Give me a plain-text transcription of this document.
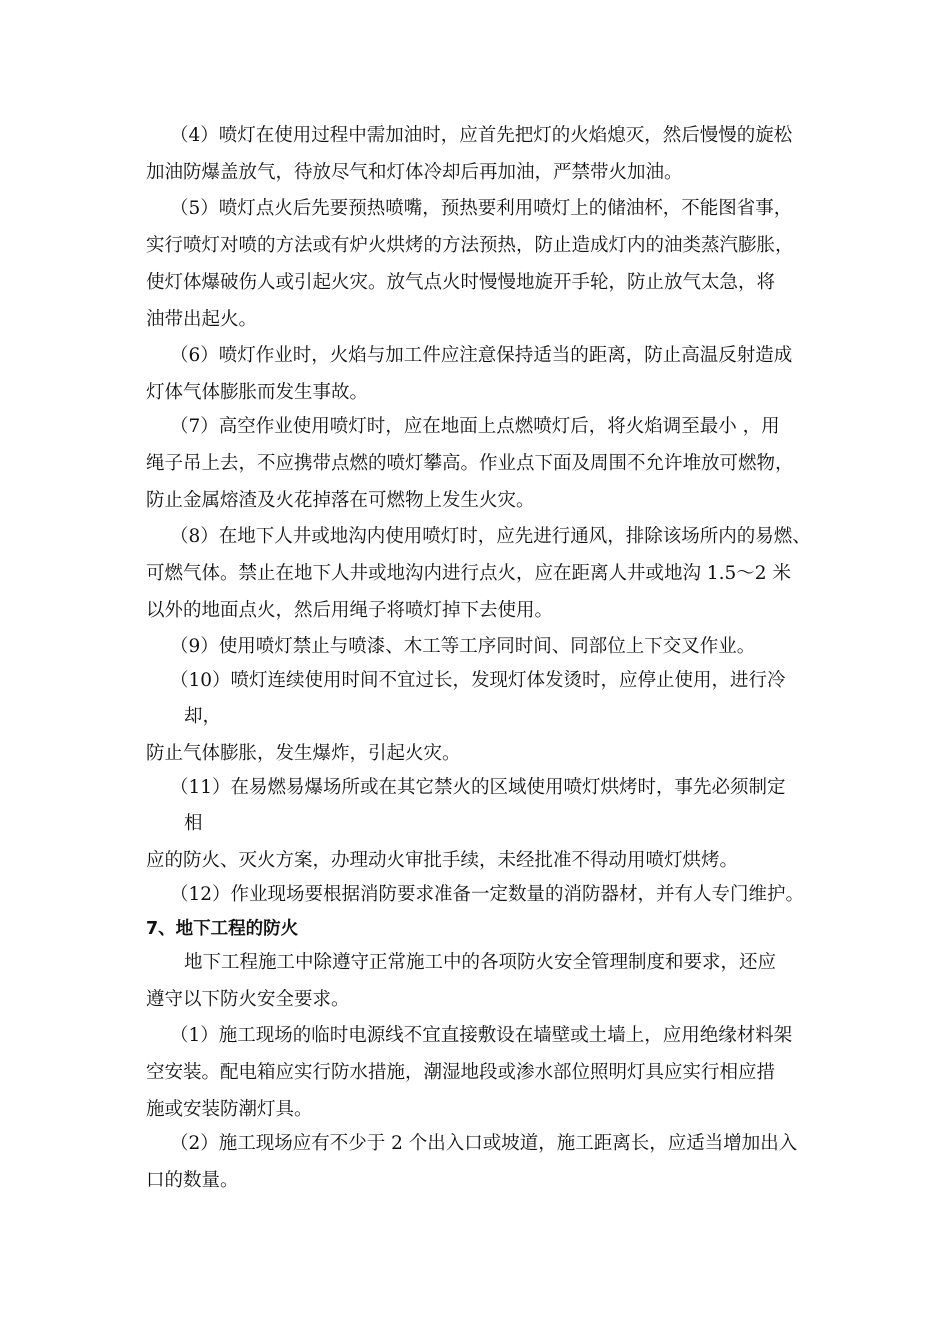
（4）喷灯在使用过程中需加油时，应首先把灯的火焰熄灭，然后慢慢的旋松
加油防爆盖放气，待放尽气和灯体冷却后再加油，严禁带火加油。
（5）喷灯点火后先要预热喷嘴，预热要利用喷灯上的储油杯，不能图省事，
实行喷灯对喷的方法或有炉火烘烤的方法预热，防止造成灯内的油类蒸汽膨胀，
使灯体爆破伤人或引起火灾。放气点火时慢慢地旋开手轮，防止放气太急，将
油带出起火。
（6）喷灯作业时，火焰与加工件应注意保持适当的距离，防止高温反射造成
灯体气体膨胀而发生事故。
（7）高空作业使用喷灯时，应在地面上点燃喷灯后，将火焰调至最小 ，用
绳子吊上去，不应携带点燃的喷灯攀高。作业点下面及周围不允许堆放可燃物，
防止金属熔渣及火花掉落在可燃物上发生火灾。
（8）在地下人井或地沟内使用喷灯时，应先进行通风，排除该场所内的易燃、
可燃气体。禁止在地下人井或地沟内进行点火，应在距离人井或地沟 1.5～2 米
以外的地面点火，然后用绳子将喷灯掉下去使用。
（9）使用喷灯禁止与喷漆、木工等工序同时间、同部位上下交叉作业。
（10）喷灯连续使用时间不宜过长，发现灯体发烫时，应停止使用，进行冷
却，
防止气体膨胀，发生爆炸，引起火灾。
（11）在易燃易爆场所或在其它禁火的区域使用喷灯烘烤时，事先必须制定
相
应的防火、灭火方案，办理动火审批手续，未经批准不得动用喷灯烘烤。
（12）作业现场要根据消防要求准备一定数量的消防器材，并有人专门维护。
7、地下工程的防火
地下工程施工中除遵守正常施工中的各项防火安全管理制度和要求，还应
遵守以下防火安全要求。
（1）施工现场的临时电源线不宜直接敷设在墙壁或土墙上，应用绝缘材料架
空安装。配电箱应实行防水措施，潮湿地段或渗水部位照明灯具应实行相应措
施或安装防潮灯具。
（2）施工现场应有不少于 2 个出入口或坡道，施工距离长，应适当增加出入
口的数量。
